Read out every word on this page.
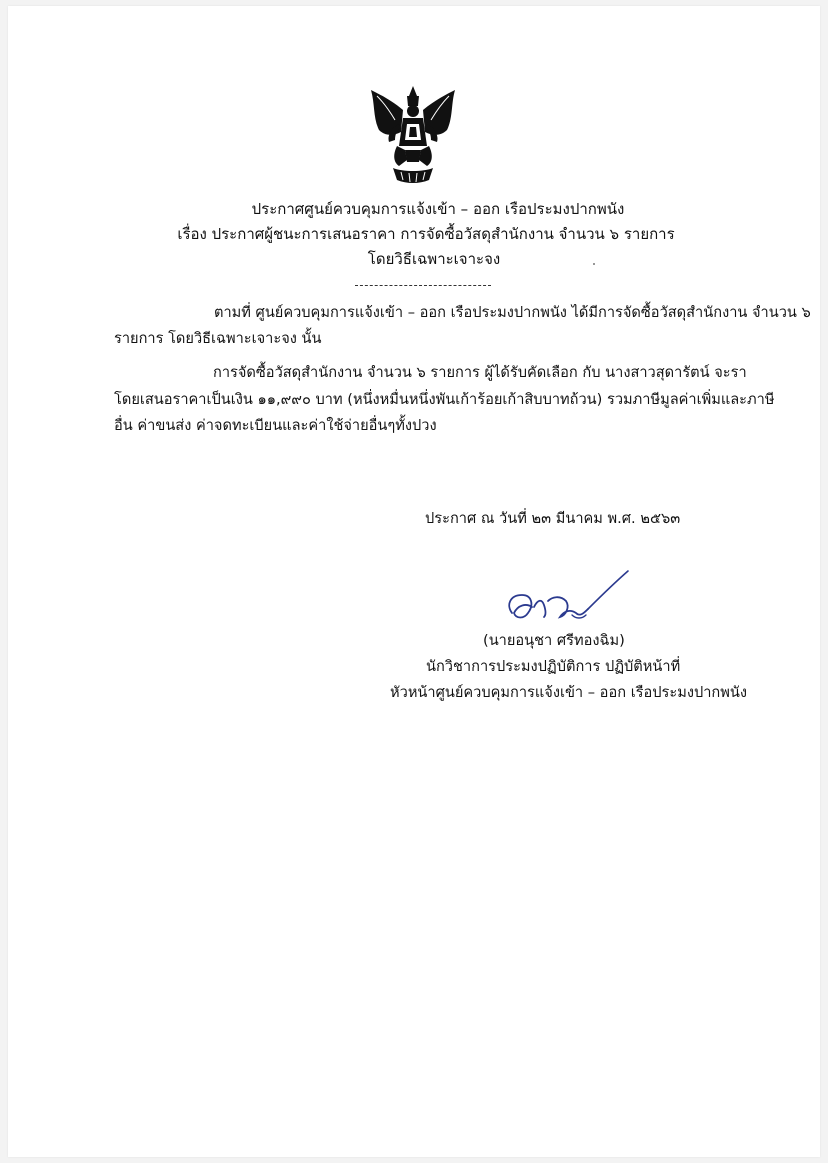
ประกาศศูนย์ควบคุมการแจ้งเข้า – ออก เรือประมงปากพนัง
เรื่อง ประกาศผู้ชนะการเสนอราคา การจัดซื้อวัสดุสำนักงาน จำนวน ๖ รายการ
โดยวิธีเฉพาะเจาะจง
ตามที่ ศูนย์ควบคุมการแจ้งเข้า – ออก เรือประมงปากพนัง ได้มีการจัดซื้อวัสดุสำนักงาน จำนวน ๖
รายการ โดยวิธีเฉพาะเจาะจง นั้น
การจัดซื้อวัสดุสำนักงาน จำนวน ๖ รายการ ผู้ได้รับคัดเลือก กับ นางสาวสุดารัตน์ จะรา
โดยเสนอราคาเป็นเงิน ๑๑,๙๙๐ บาท (หนึ่งหมื่นหนึ่งพันเก้าร้อยเก้าสิบบาทถ้วน) รวมภาษีมูลค่าเพิ่มและภาษี
อื่น ค่าขนส่ง ค่าจดทะเบียนและค่าใช้จ่ายอื่นๆทั้งปวง
ประกาศ ณ วันที่ ๒๓ มีนาคม พ.ศ. ๒๕๖๓
(นายอนุชา ศรีทองฉิม)
นักวิชาการประมงปฏิบัติการ ปฏิบัติหน้าที่
หัวหน้าศูนย์ควบคุมการแจ้งเข้า – ออก เรือประมงปากพนัง
